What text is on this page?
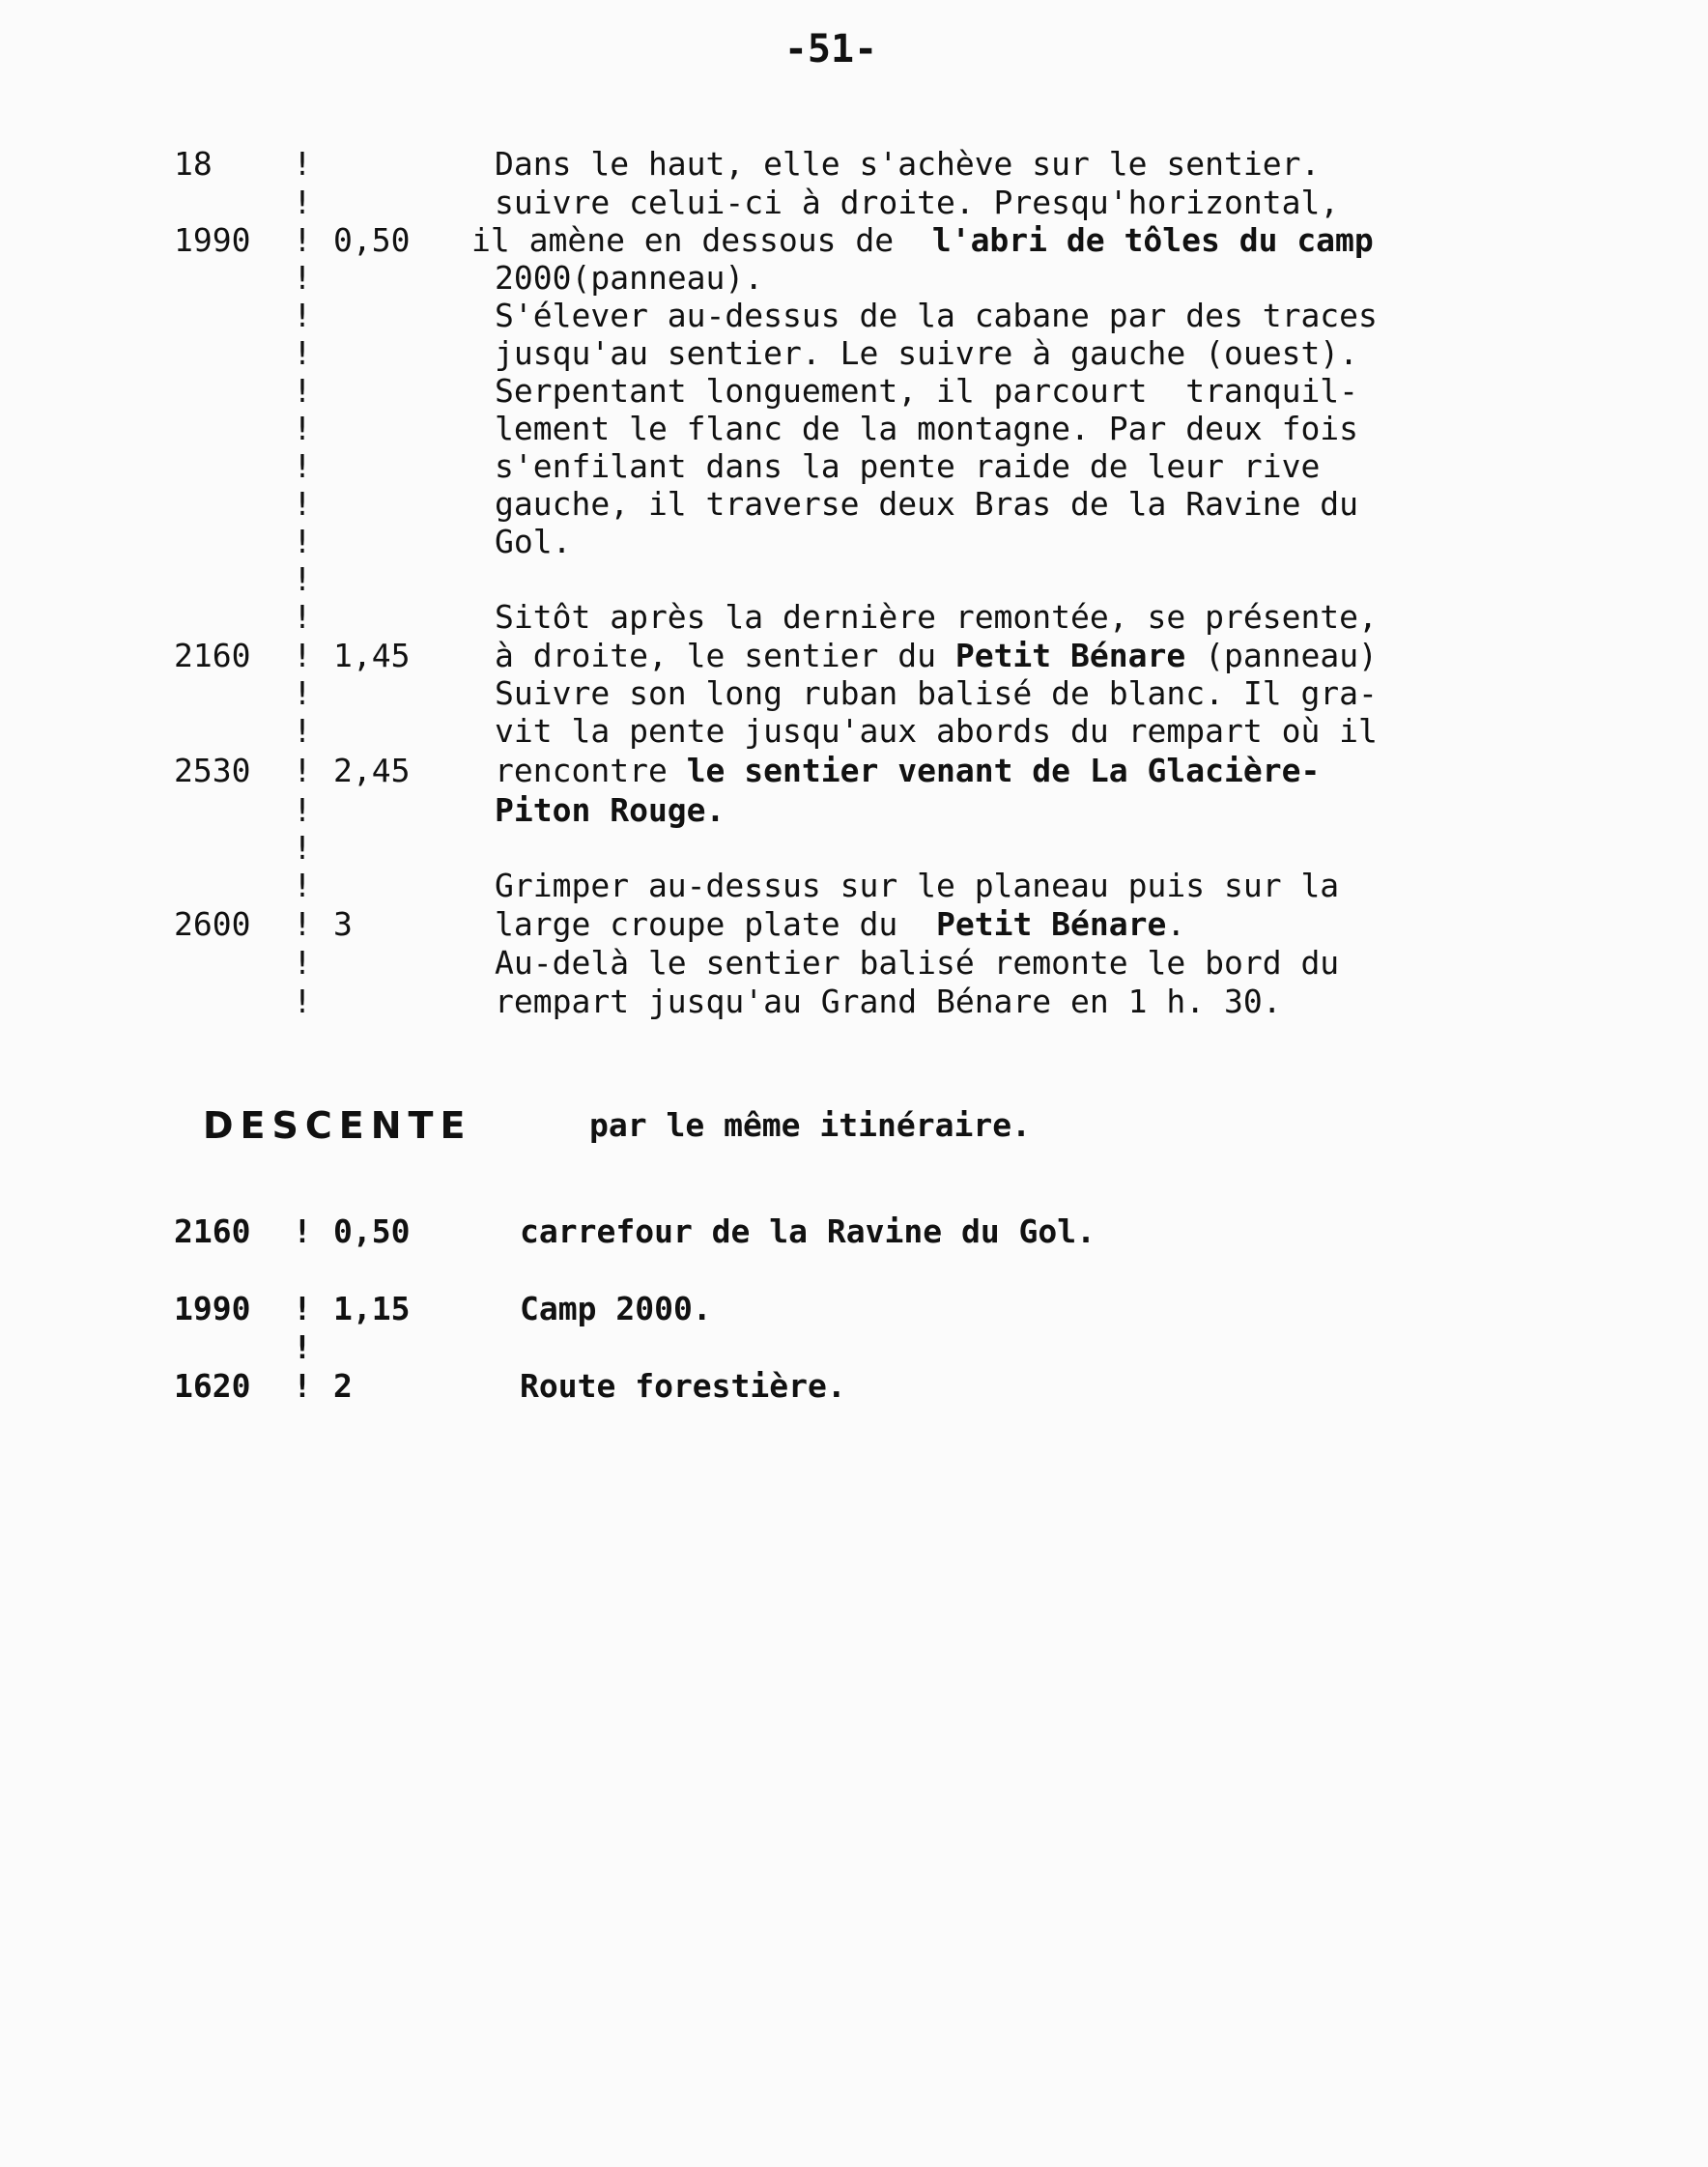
-51-
18	!	Dans le haut, elle s'achève sur le sentier.
!	suivre celui-ci à droite. Presqu'horizontal,
1990 ! 0,50 il amène en dessous de  l'abri de tôles du camp
!	2000(panneau).
!	S'élever au-dessus de la cabane par des traces
!	jusqu'au sentier. Le suivre à gauche (ouest).
!	Serpentant longuement, il parcourt  tranquil-
!	lement le flanc de la montagne. Par deux fois
!	s'enfilant dans la pente raide de leur rive
!	gauche, il traverse deux Bras de la Ravine du
!	Gol.
!
!	Sitôt après la dernière remontée, se présente,
2160 ! 1,45	à droite, le sentier du Petit Bénare (panneau)
!	Suivre son long ruban balisé de blanc. Il gra-
!	vit la pente jusqu'aux abords du rempart où il
2530 ! 2,45	rencontre le sentier venant de La Glacière-
!	Piton Rouge.
!
!	Grimper au-dessus sur le planeau puis sur la
2600 ! 3	large croupe plate du  Petit Bénare.
!	Au-delà le sentier balisé remonte le bord du
!	rempart jusqu'au Grand Bénare en 1 h. 30.
DESCENTE	par le même itinéraire.
2160 ! 0,50	carrefour de la Ravine du Gol.
1990 ! 1,15	Camp 2000.
!
1620 ! 2	Route forestière.
